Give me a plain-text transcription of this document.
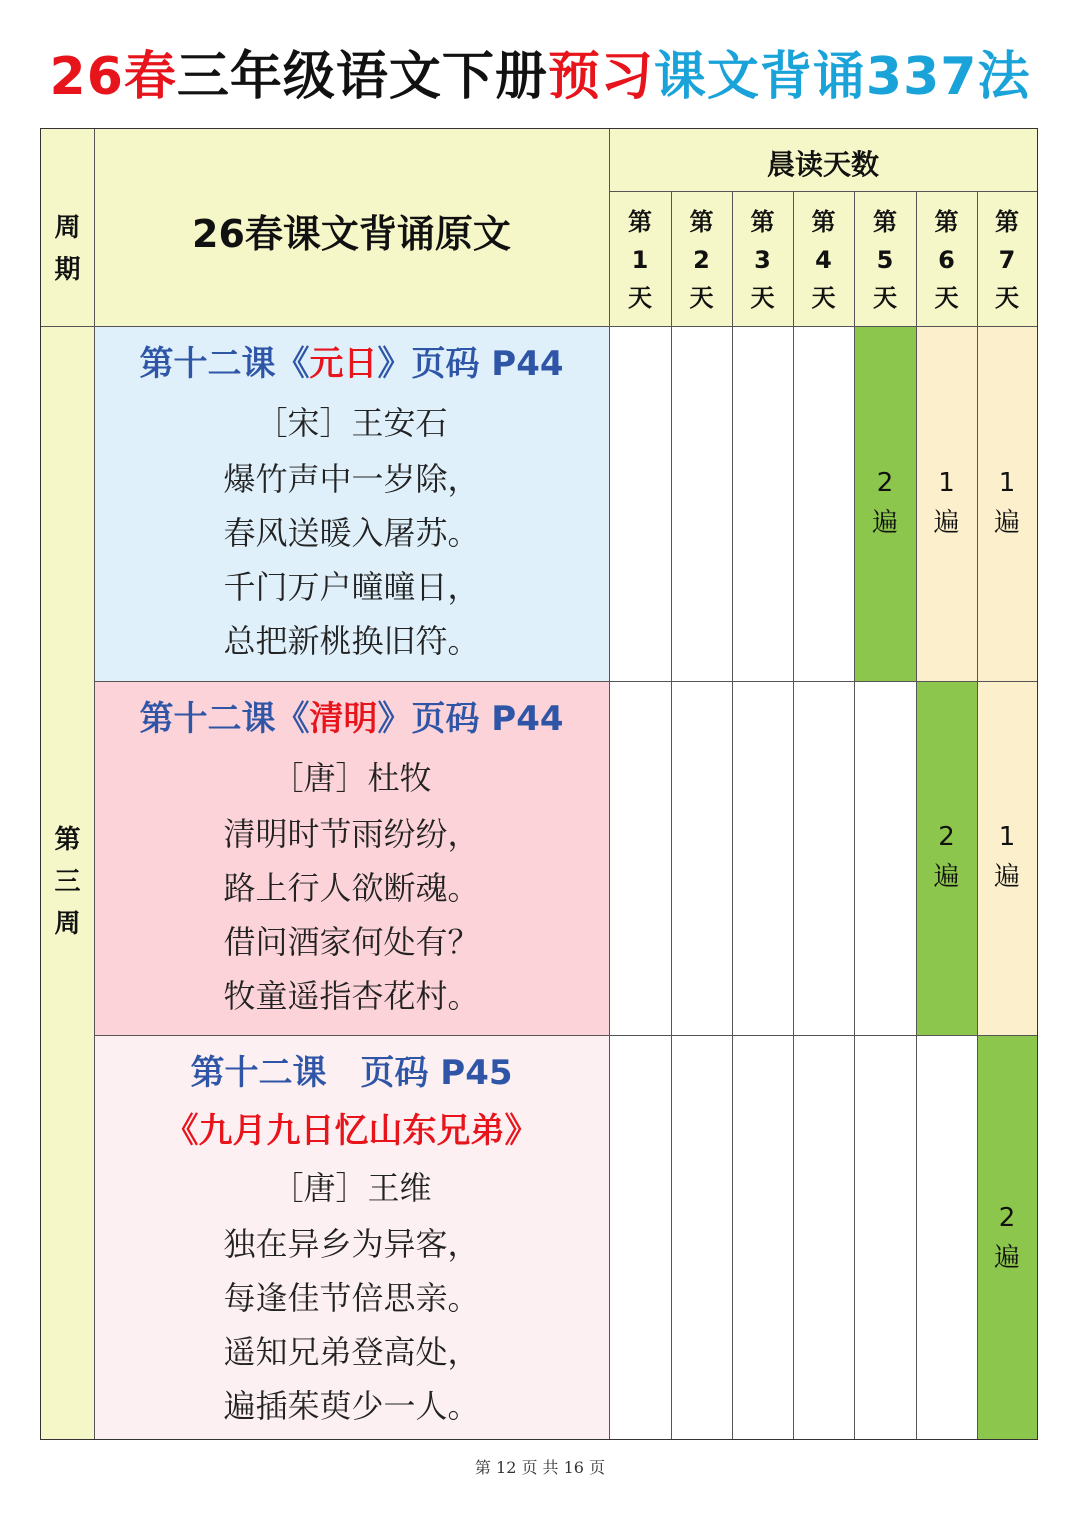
26春三年级语文下册预习课文背诵337法
周期
26春课文背诵原文
晨读天数
第1天
第2天
第3天
第4天
第5天
第6天
第7天
第三周
第十二课《元日》页码 P44
［宋］王安石
爆竹声中一岁除，
春风送暖入屠苏。
千门万户曈曈日，
总把新桃换旧符。
第十二课《清明》页码 P44
［唐］杜牧
清明时节雨纷纷，
路上行人欲断魂。
借问酒家何处有？
牧童遥指杏花村。
第十二课　页码 P45
《九月九日忆山东兄弟》
［唐］王维
独在异乡为异客，
每逢佳节倍思亲。
遥知兄弟登高处，
遍插茱萸少一人。
2遍
1遍
1遍
2遍
1遍
2遍
第 12 页 共 16 页
